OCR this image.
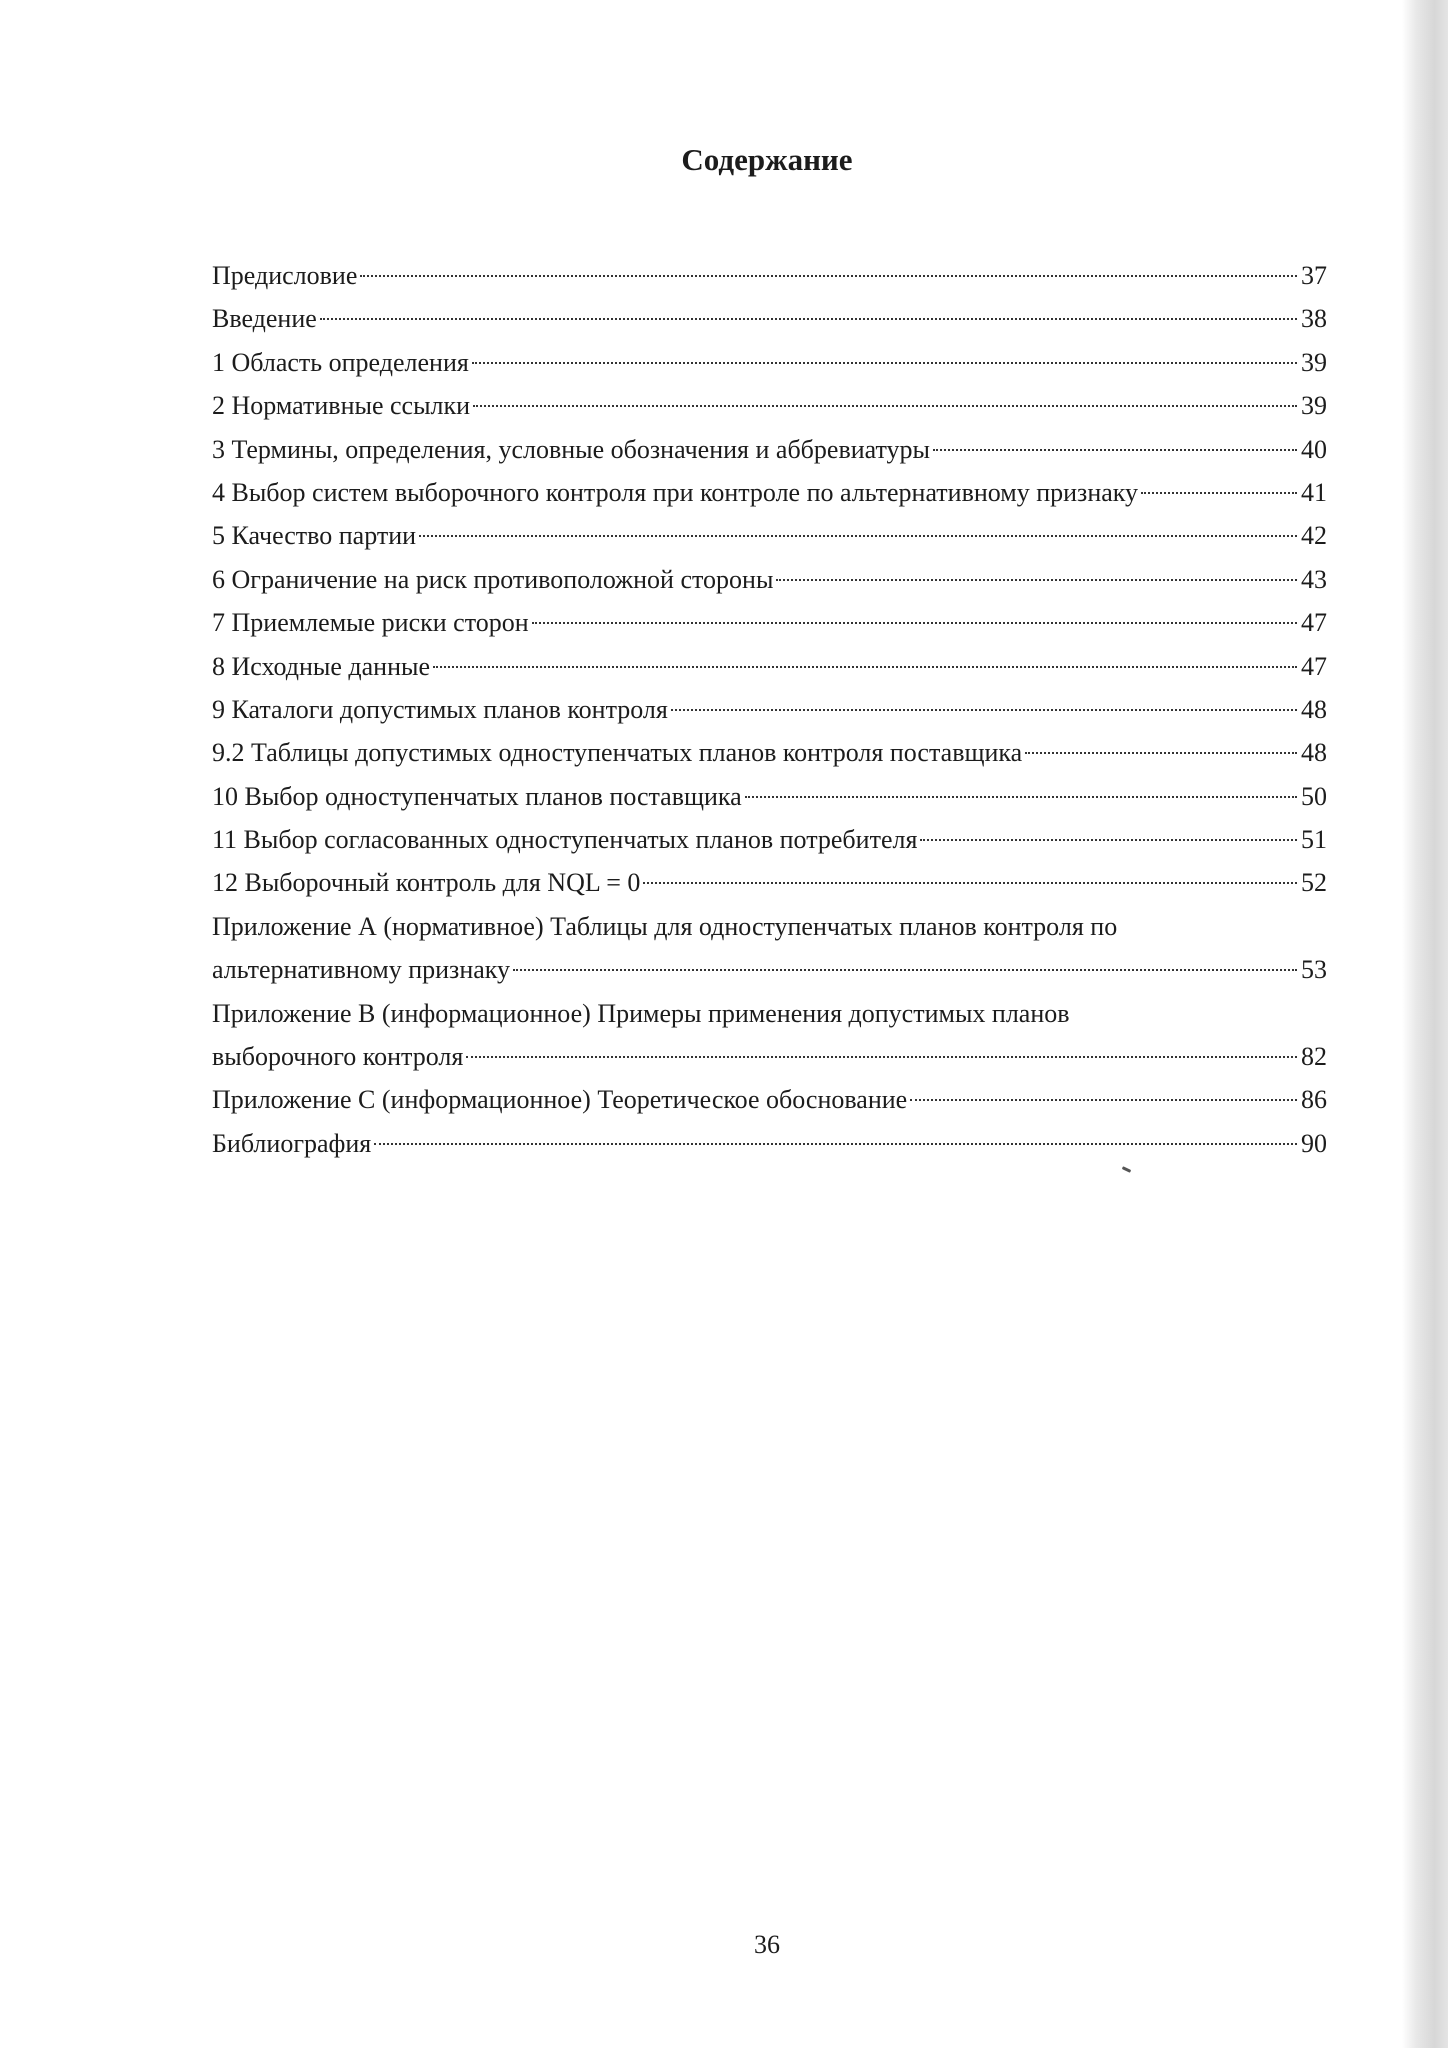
Содержание
Предисловие	37
Введение	38
1 Область определения	39
2 Нормативные ссылки	39
3 Термины, определения, условные обозначения и аббревиатуры	40
4 Выбор систем выборочного контроля при контроле по альтернативному признаку	41
5 Качество партии	42
6 Ограничение на риск противоположной стороны	43
7 Приемлемые риски сторон	47
8 Исходные данные	47
9 Каталоги допустимых планов контроля	48
9.2 Таблицы допустимых одноступенчатых планов контроля поставщика	48
10 Выбор одноступенчатых планов поставщика	50
11 Выбор согласованных одноступенчатых планов потребителя	51
12 Выборочный контроль для NQL = 0	52
Приложение А (нормативное) Таблицы для одноступенчатых планов контроля по
альтернативному признаку	53
Приложение В (информационное) Примеры применения допустимых планов
выборочного контроля	82
Приложение С (информационное) Теоретическое обоснование	86
Библиография	90
36
